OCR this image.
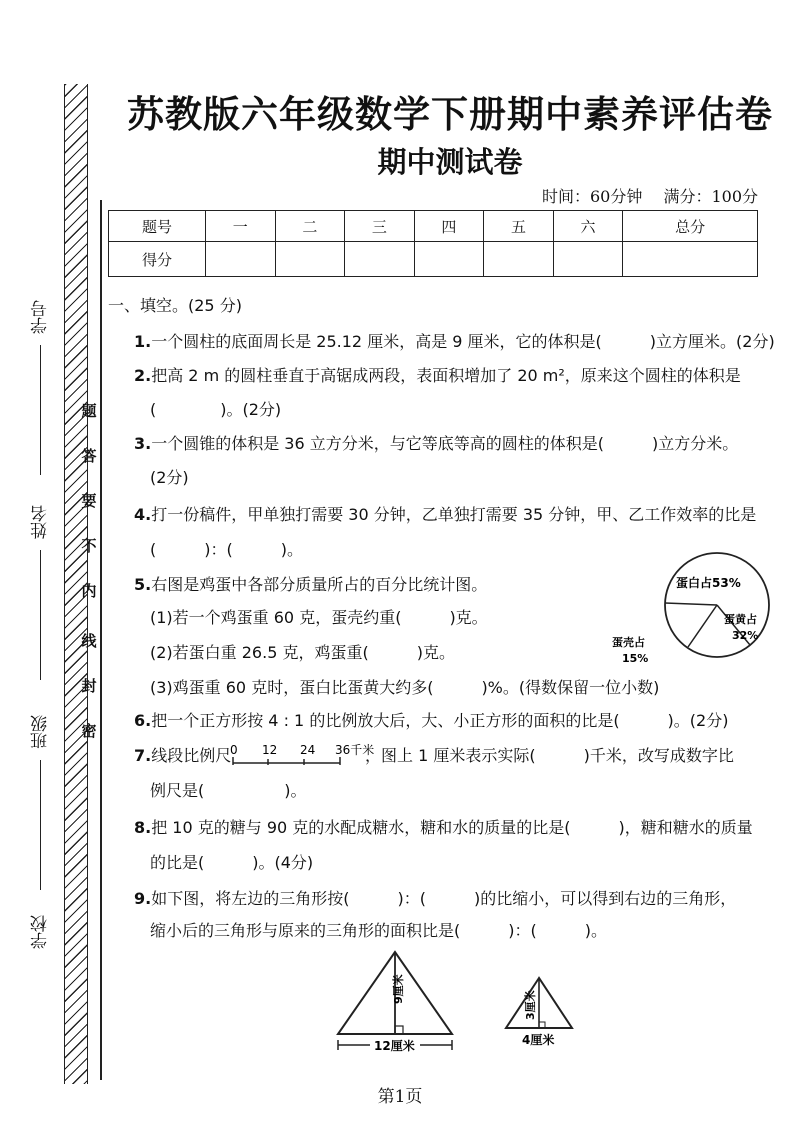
学号
姓名
班级
学校
题
答
要
不
内
线
封
密
苏教版六年级数学下册期中素养评估卷
期中测试卷
时间：60分钟 满分：100分
题号	一	二	三	四	五	六	总分
得分							
一、填空。(25 分)
1.一个圆柱的底面周长是 25.12 厘米，高是 9 厘米，它的体积是(　　　)立方厘米。(2分)
2.把高 2 m 的圆柱垂直于高锯成两段，表面积增加了 20 m²，原来这个圆柱的体积是
(　　　　)。(2分)
3.一个圆锥的体积是 36 立方分米，与它等底等高的圆柱的体积是(　　　)立方分米。
(2分)
4.打一份稿件，甲单独打需要 30 分钟，乙单独打需要 35 分钟，甲、乙工作效率的比是
(　　　)：(　　　)。
5.右图是鸡蛋中各部分质量所占的百分比统计图。
(1)若一个鸡蛋重 60 克，蛋壳约重(　　　)克。
(2)若蛋白重 26.5 克，鸡蛋重(　　　)克。
(3)鸡蛋重 60 克时，蛋白比蛋黄大约多(　　　)%。(得数保留一位小数)
6.把一个正方形按 4 : 1 的比例放大后，大、小正方形的面积的比是(　　　)。(2分)
7.线段比例尺
0 12 24 36千米
，图上 1 厘米表示实际(　　　)千米，改写成数字比
例尺是(　　　　　)。
8.把 10 克的糖与 90 克的水配成糖水，糖和水的质量的比是(　　　)，糖和糖水的质量
的比是(　　　)。(4分)
9.如下图，将左边的三角形按(　　　)：(　　　)的比缩小，可以得到右边的三角形，
缩小后的三角形与原来的三角形的面积比是(　　　)：(　　　)。
蛋白占53%
蛋黄占
32%
蛋壳占
15%
9厘米
12厘米
3厘米
4厘米
第1页
